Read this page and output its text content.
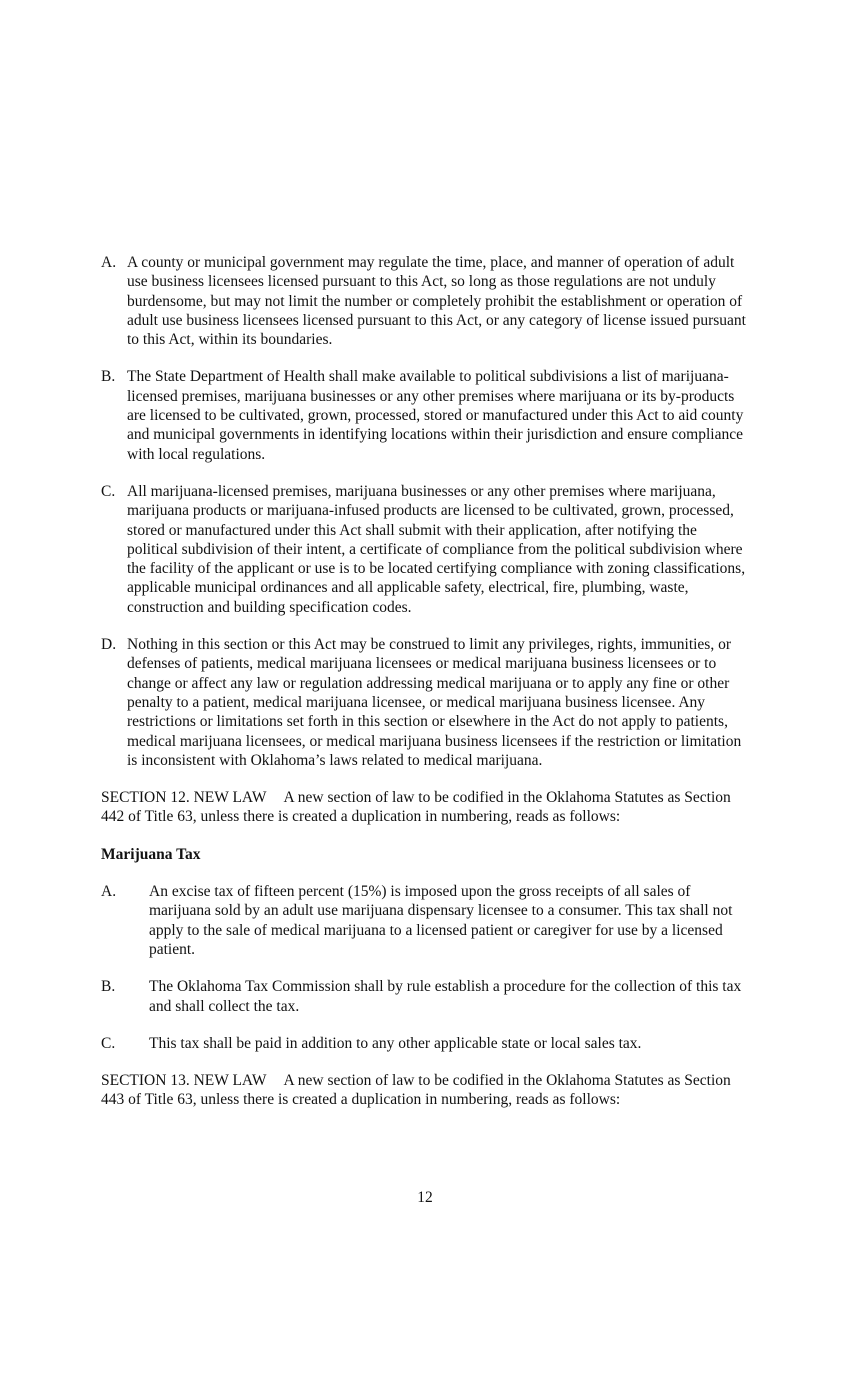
A. A county or municipal government may regulate the time, place, and manner of operation of adult use business licensees licensed pursuant to this Act, so long as those regulations are not unduly burdensome, but may not limit the number or completely prohibit the establishment or operation of adult use business licensees licensed pursuant to this Act, or any category of license issued pursuant to this Act, within its boundaries.
B. The State Department of Health shall make available to political subdivisions a list of marijuana-licensed premises, marijuana businesses or any other premises where marijuana or its by-products are licensed to be cultivated, grown, processed, stored or manufactured under this Act to aid county and municipal governments in identifying locations within their jurisdiction and ensure compliance with local regulations.
C. All marijuana-licensed premises, marijuana businesses or any other premises where marijuana, marijuana products or marijuana-infused products are licensed to be cultivated, grown, processed, stored or manufactured under this Act shall submit with their application, after notifying the political subdivision of their intent, a certificate of compliance from the political subdivision where the facility of the applicant or use is to be located certifying compliance with zoning classifications, applicable municipal ordinances and all applicable safety, electrical, fire, plumbing, waste, construction and building specification codes.
D. Nothing in this section or this Act may be construed to limit any privileges, rights, immunities, or defenses of patients, medical marijuana licensees or medical marijuana business licensees or to change or affect any law or regulation addressing medical marijuana or to apply any fine or other penalty to a patient, medical marijuana licensee, or medical marijuana business licensee. Any restrictions or limitations set forth in this section or elsewhere in the Act do not apply to patients, medical marijuana licensees, or medical marijuana business licensees if the restriction or limitation is inconsistent with Oklahoma’s laws related to medical marijuana.

SECTION 12. NEW LAW A new section of law to be codified in the Oklahoma Statutes as Section 442 of Title 63, unless there is created a duplication in numbering, reads as follows:

Marijuana Tax

A.	An excise tax of fifteen percent (15%) is imposed upon the gross receipts of all sales of marijuana sold by an adult use marijuana dispensary licensee to a consumer. This tax shall not apply to the sale of medical marijuana to a licensed patient or caregiver for use by a licensed patient.
B.	The Oklahoma Tax Commission shall by rule establish a procedure for the collection of this tax and shall collect the tax.
C.	This tax shall be paid in addition to any other applicable state or local sales tax.

SECTION 13. NEW LAW A new section of law to be codified in the Oklahoma Statutes as Section 443 of Title 63, unless there is created a duplication in numbering, reads as follows:

12
